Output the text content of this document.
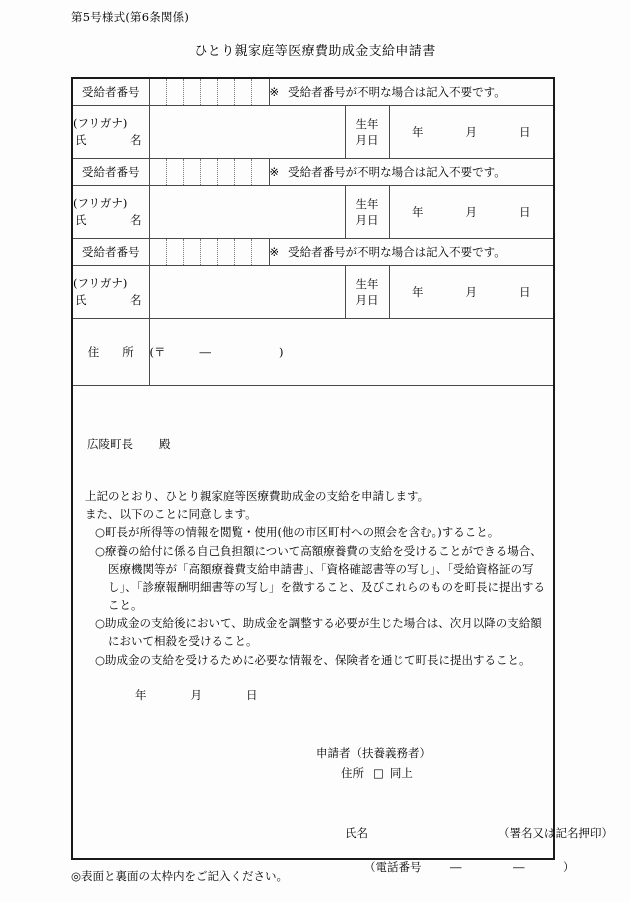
第5号様式(第6条関係)
ひとり親家庭等医療費助成金支給申請書
受給者番号		※ 受給者番号が不明な場合は記入不要です。		

(フリガナ)
氏 名			生年
月日	年 月 日

受給者番号		※ 受給者番号が不明な場合は記入不要です。		

(フリガナ)
氏 名			生年
月日	年 月 日

受給者番号		※ 受給者番号が不明な場合は記入不要です。		

(フリガナ)
氏 名			生年
月日	年 月 日

住　　所	(〒 ― )			
広陵町長 殿

上記のとおり、ひとり親家庭等医療費助成金の支給を申請します。

また、以下のことに同意します。

○町長が所得等の情報を閲覧・使用(他の市区町村への照会を含む。)すること。
○療養の給付に係る自己負担額について高額療養費の支給を受けることができる場合、医療機関等が「高額療養費支給申請書」、「資格確認書等の写し」、「受給資格証の写し」、「診療報酬明細書等の写し」を徴すること、及びこれらのものを町長に提出すること。
○助成金の支給後において、助成金を調整する必要が生じた場合は、次月以降の支給額において相殺を受けること。
○助成金の支給を受けるために必要な情報を、保険者を通じて町長に提出すること。
年	月	日
申請者（扶養義務者）
住所 □ 同上
氏名	（署名又は記名押印）
（電話番号 ―	―	）
◎表面と裏面の太枠内をご記入ください。
